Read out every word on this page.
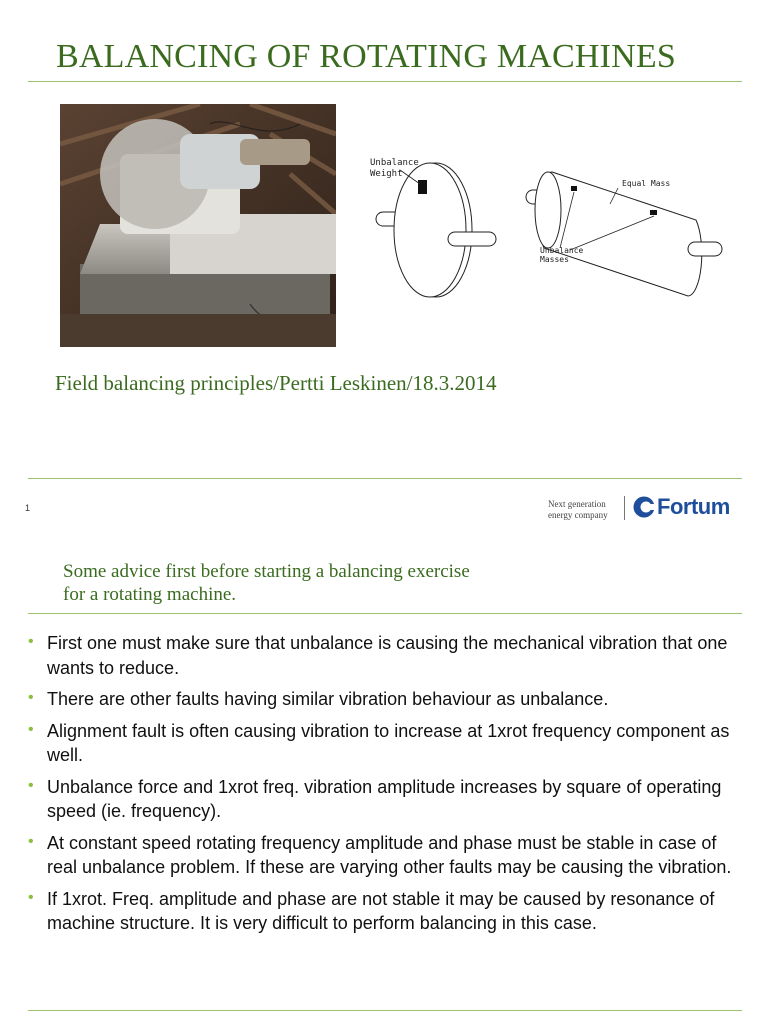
BALANCING OF ROTATING MACHINES
Unbalance
Weight
Equal Mass
Unbalance
Masses
Field balancing principles/Pertti Leskinen/18.3.2014
1	Next generation
energy company Fortum
Some advice first before starting a balancing exercise
for a rotating machine.
• First one must make sure that unbalance is causing the mechanical vibration that one wants to reduce.
• There are other faults having similar vibration behaviour as unbalance.
• Alignment fault is often causing vibration to increase at 1xrot frequency component as well.
• Unbalance force and 1xrot freq. vibration amplitude increases by square of operating speed (ie. frequency).
• At constant speed rotating frequency amplitude and phase must be stable in case of real unbalance problem. If these are varying other faults may be causing the vibration.
• If 1xrot. Freq. amplitude and phase are not stable it may be caused by resonance of machine structure. It is very difficult to perform balancing in this case.
